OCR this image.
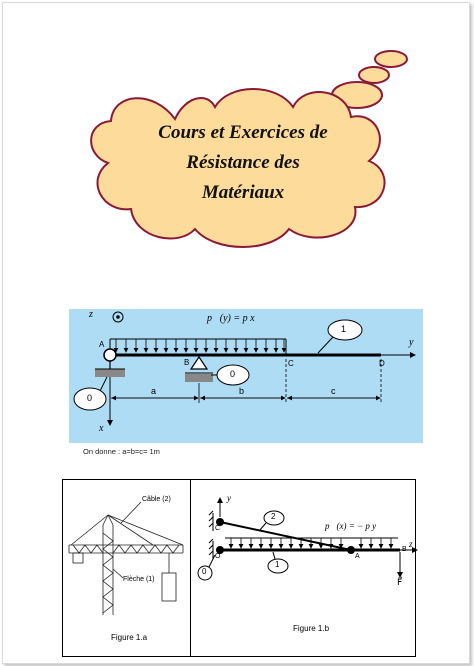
Cours et Exercices de
Résistance des
Matériaux
z⃗	p⃗(y) = p x⃗
y⃗
x⃗
A
B	C	D
1
0
0
a	b	c
On donne : a=b=c= 1m
Câble (2)
Flèche (1)
Figure 1.a
y⃗
p⃗(x) = − p y⃗
z⃗
2
1
0
C
O	A
B
F⃗
Figure 1.b
